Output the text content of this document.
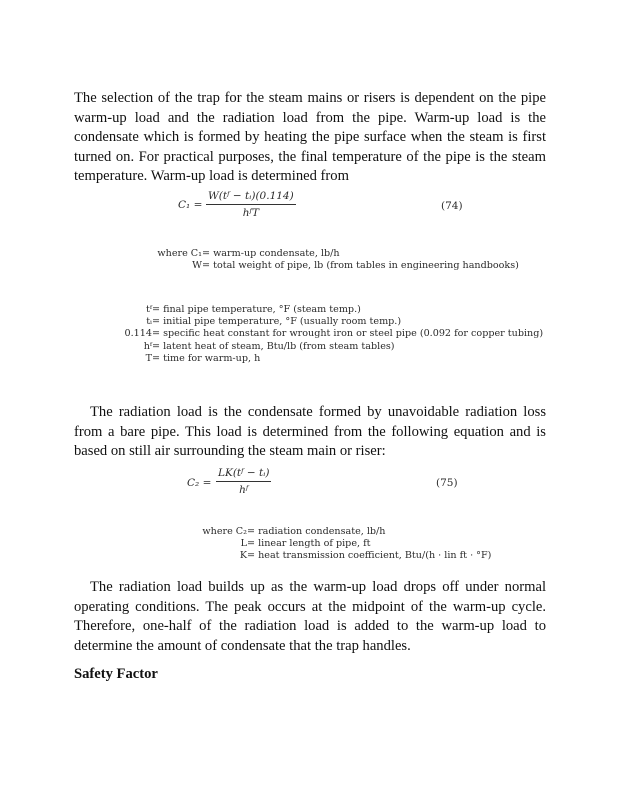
The selection of the trap for the steam mains or risers is dependent on the pipe warm-up load and the radiation load from the pipe. Warm-up load is the condensate which is formed by heating the pipe surface when the steam is first turned on. For practical purposes, the final temperature of the pipe is the steam temperature. Warm-up load is determined from

C₁ =
W(tᶠ − tᵢ)(0.114)
hᶠT
(74)
where C₁ = warm-up condensate, lb/h
W = total weight of pipe, lb (from tables in engineering handbooks)
tᶠ = final pipe temperature, °F (steam temp.)
tᵢ = initial pipe temperature, °F (usually room temp.)
0.114 = specific heat constant for wrought iron or steel pipe (0.092 for copper tubing)
hᶠ = latent heat of steam, Btu/lb (from steam tables)
T = time for warm-up, h

The radiation load is the condensate formed by unavoidable radiation loss from a bare pipe. This load is determined from the following equation and is based on still air surrounding the steam main or riser:

$C_2 = \frac{\text{LK(tᶠ − tᵢ)}}{\text{hᶠ}}$	(75)
where C₂ = radiation condensate, lb/h
L = linear length of pipe, ft
K = heat transmission coefficient, Btu/(h · lin ft · °F)

The radiation load builds up as the warm-up load drops off under normal operating conditions. The peak occurs at the midpoint of the warm-up cycle. Therefore, one-half of the radiation load is added to the warm-up load to determine the amount of condensate that the trap handles.

Safety Factor
